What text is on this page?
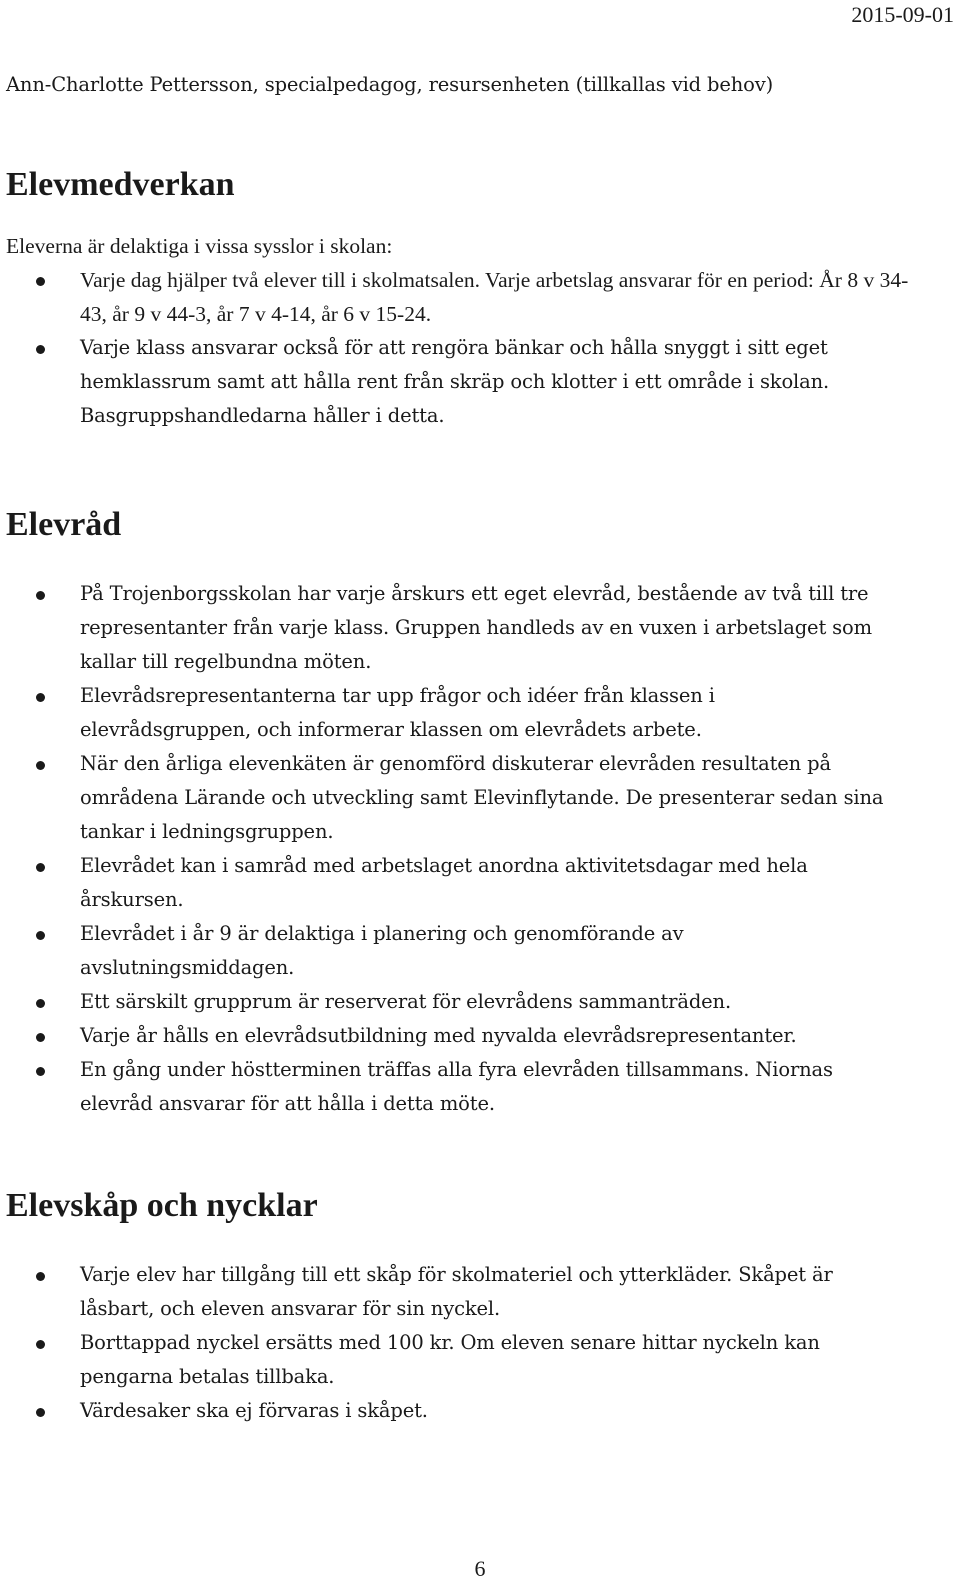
2015-09-01

Ann-Charlotte Pettersson, specialpedagog, resursenheten (tillkallas vid behov)

Elevmedverkan

Eleverna är delaktiga i vissa sysslor i skolan:

Varje dag hjälper två elever till i skolmatsalen. Varje arbetslag ansvarar för en period: År 8 v 34-43, år 9 v 44-3, år 7 v 4-14, år 6 v 15-24.
Varje klass ansvarar också för att rengöra bänkar och hålla snyggt i sitt eget hemklassrum samt att hålla rent från skräp och klotter i ett område i skolan. Basgruppshandledarna håller i detta.
Elevråd
På Trojenborgsskolan har varje årskurs ett eget elevråd, bestående av två till tre representanter från varje klass. Gruppen handleds av en vuxen i arbetslaget som kallar till regelbundna möten.
Elevrådsrepresentanterna tar upp frågor och idéer från klassen i elevrådsgruppen, och informerar klassen om elevrådets arbete.
När den årliga elevenkäten är genomförd diskuterar elevråden resultaten på områdena Lärande och utveckling samt Elevinflytande. De presenterar sedan sina tankar i ledningsgruppen.
Elevrådet kan i samråd med arbetslaget anordna aktivitetsdagar med hela årskursen.
Elevrådet i år 9 är delaktiga i planering och genomförande av avslutningsmiddagen.
Ett särskilt grupprum är reserverat för elevrådens sammanträden.
Varje år hålls en elevrådsutbildning med nyvalda elevrådsrepresentanter.
En gång under höstterminen träffas alla fyra elevråden tillsammans. Niornas elevråd ansvarar för att hålla i detta möte.
Elevskåp och nycklar
Varje elev har tillgång till ett skåp för skolmateriel och ytterkläder. Skåpet är låsbart, och eleven ansvarar för sin nyckel.
Borttappad nyckel ersätts med 100 kr. Om eleven senare hittar nyckeln kan pengarna betalas tillbaka.
Värdesaker ska ej förvaras i skåpet.
6
